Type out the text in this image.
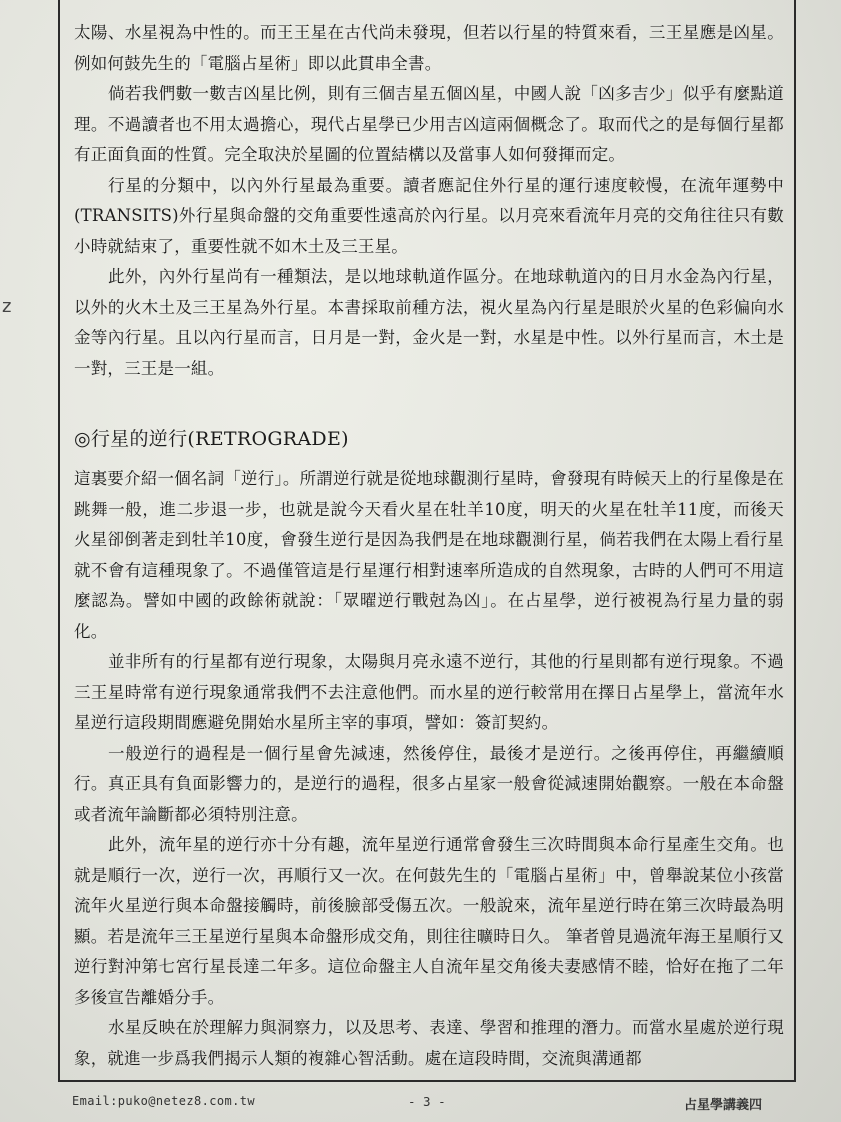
z

太陽、水星視為中性的。而王王星在古代尚未發現，但若以行星的特質來看，三王星應是凶星。例如何鼓先生的「電腦占星術」即以此貫串全書。

倘若我們數一數吉凶星比例，則有三個吉星五個凶星，中國人說「凶多吉少」似乎有麼點道理。不過讀者也不用太過擔心，現代占星學已少用吉凶這兩個概念了。取而代之的是每個行星都有正面負面的性質。完全取決於星圖的位置結構以及當事人如何發揮而定。

行星的分類中，以內外行星最為重要。讀者應記住外行星的運行速度較慢，在流年運勢中(TRANSITS)外行星與命盤的交角重要性遠高於內行星。以月亮來看流年月亮的交角往往只有數小時就結束了，重要性就不如木土及三王星。

此外，內外行星尚有一種類法，是以地球軌道作區分。在地球軌道內的日月水金為內行星，以外的火木土及三王星為外行星。本書採取前種方法，視火星為內行星是眼於火星的色彩偏向水金等內行星。且以內行星而言，日月是一對，金火是一對，水星是中性。以外行星而言，木土是一對，三王是一組。

◎行星的逆行(RETROGRADE)

這裏要介紹一個名詞「逆行」。所謂逆行就是從地球觀測行星時，會發現有時候天上的行星像是在跳舞一般，進二步退一步，也就是說今天看火星在牡羊10度，明天的火星在牡羊11度，而後天火星卻倒著走到牡羊10度，會發生逆行是因為我們是在地球觀測行星，倘若我們在太陽上看行星就不會有這種現象了。不過僅管這是行星運行相對速率所造成的自然現象，古時的人們可不用這麼認為。譬如中國的政餘術就說：「眾曜逆行戰尅為凶」。在占星學，逆行被視為行星力量的弱化。

並非所有的行星都有逆行現象，太陽與月亮永遠不逆行，其他的行星則都有逆行現象。不過三王星時常有逆行現象通常我們不去注意他們。而水星的逆行較常用在擇日占星學上，當流年水星逆行這段期間應避免開始水星所主宰的事項，譬如：簽訂契約。

一般逆行的過程是一個行星會先減速，然後停住，最後才是逆行。之後再停住，再繼續順行。真正具有負面影響力的，是逆行的過程，很多占星家一般會從減速開始觀察。一般在本命盤或者流年論斷都必須特別注意。

此外，流年星的逆行亦十分有趣，流年星逆行通常會發生三次時間與本命行星產生交角。也就是順行一次，逆行一次，再順行又一次。在何鼓先生的「電腦占星術」中，曾舉說某位小孩當流年火星逆行與本命盤接觸時，前後臉部受傷五次。一般說來，流年星逆行時在第三次時最為明顯。若是流年三王星逆行星與本命盤形成交角，則往往曠時日久。 筆者曾見過流年海王星順行又逆行對沖第七宮行星長達二年多。這位命盤主人自流年星交角後夫妻感情不睦，恰好在拖了二年多後宣告離婚分手。

水星反映在於理解力與洞察力，以及思考、表達、學習和推理的潛力。而當水星處於逆行現象，就進一步爲我們揭示人類的複雜心智活動。處在這段時間，交流與溝通都

Email:puko@netez8.com.tw	- 3 -	占星學講義四
